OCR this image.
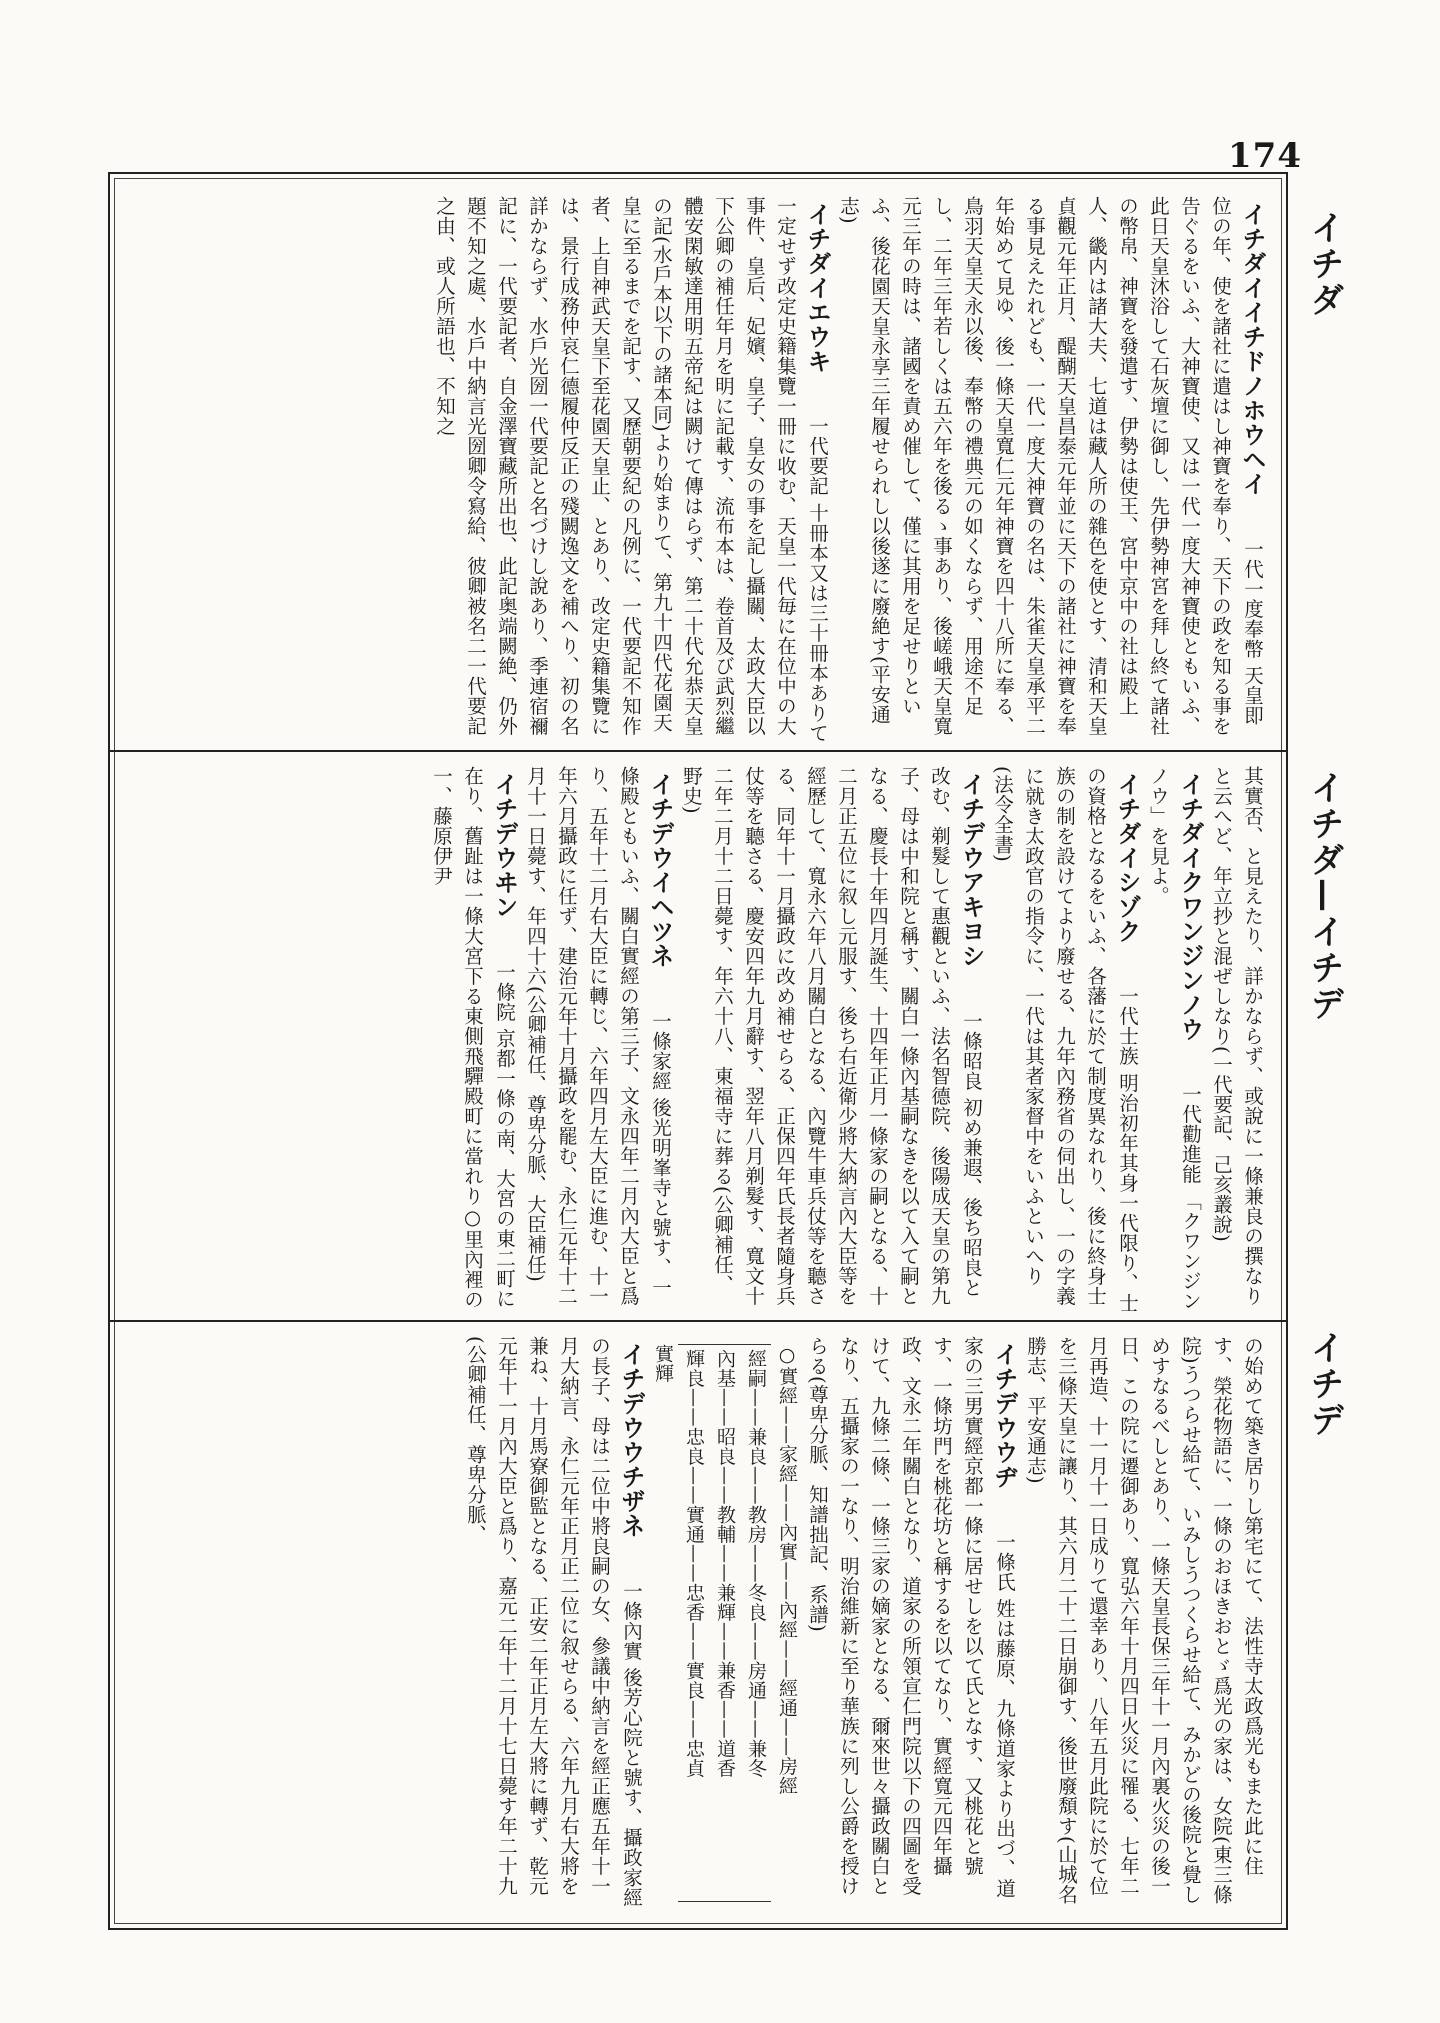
174
イチダ
イチダ—イチデ
イチデ
イチダイイチドノホウヘイ 一代一度奉幣 天皇即位の年、使を諸社に遣はし神寶を奉り、天下の政を知る事を告ぐるをいふ、大神寶使、又は一代一度大神寶使ともいふ、此日天皇沐浴して石灰壇に御し、先伊勢神宮を拜し終て諸社の幣帛、神寶を發遣す、伊勢は使王、宮中京中の社は殿上人、畿内は諸大夫、七道は藏人所の雜色を使とす、清和天皇貞觀元年正月、醍醐天皇昌泰元年並に天下の諸社に神寶を奉る事見えたれども、一代一度大神寶の名は、朱雀天皇承平二年始めて見ゆ、後一條天皇寬仁元年神寶を四十八所に奉る、鳥羽天皇天永以後、奉幣の禮典元の如くならず、用途不足し、二年三年若しくは五六年を後るゝ事あり、後嵯峨天皇寬元三年の時は、諸國を責め催して、僅に其用を足せりといふ、後花園天皇永享三年履せられし以後遂に廢絶す(平安通志)
イチダイエウキ 一代要記 十冊本又は三十冊本ありて一定せず改定史籍集覽一冊に收む、天皇一代毎に在位中の大事件、皇后、妃嬪、皇子、皇女の事を記し攝關、太政大臣以下公卿の補任年月を明に記載す、流布本は、卷首及び武烈繼體安閑敏達用明五帝紀は闕けて傳はらず、第二十代允恭天皇の記(水戶本以下の諸本同)より始まりて、第九十四代花園天皇に至るまでを記す、又歷朝要紀の凡例に、一代要記不知作者、上自神武天皇下至花園天皇止、とあり、改定史籍集覽には、景行成務仲哀仁德履仲反正の殘闕逸文を補へり、初の名詳かならず、水戶光圀一代要記と名づけし說あり、季連宿禰記に、一代要記者、自金澤寶藏所出也、此記奥端闕絶、仍外題不知之處、水戶中納言光圀卿令寫給、彼卿被名二一代要記之由、或人所語也、不知之
其實否、と見えたり、詳かならず、或說に一條兼良の撰なりと云へど、年立抄と混ぜしなり(一代要記、己亥叢說)
イチダイクワンジンノウ 一代勸進能 「クワンジンノウ」を見よ。
イチダイシゾク 一代士族 明治初年其身一代限り、士の資格となるをいふ、各藩に於て制度異なれり、後に終身士族の制を設けてより廢せる、九年內務省の伺出し、一の字義に就き太政官の指令に、一代は其者家督中をいふといへり(法令全書)
イチデウアキヨシ 一條昭良 初め兼遐、後ち昭良と改む、剃髮して惠觀といふ、法名智德院、後陽成天皇の第九子、母は中和院と稱す、關白一條內基嗣なきを以て入て嗣となる、慶長十年四月誕生、十四年正月一條家の嗣となる、十二月正五位に叙し元服す、後ち右近衛少將大納言內大臣等を經歷して、寬永六年八月關白となる、內覽牛車兵仗等を聽さる、同年十一月攝政に改め補せらる、正保四年氏長者隨身兵仗等を聽さる、慶安四年九月辭す、翌年八月剃髮す、寬文十二年二月十二日薨す、年六十八、東福寺に葬る(公卿補任、野史)
イチデウイヘツネ 一條家經 後光明峯寺と號す、一條殿ともいふ、關白實經の第三子、文永四年二月內大臣と爲り、五年十二月右大臣に轉じ、六年四月左大臣に進む、十一年六月攝政に任ず、建治元年十月攝政を罷む、永仁元年十二月十一日薨す、年四十六(公卿補任、尊卑分脈、大臣補任)
イチデウヰン 一條院 京都一條の南、大宮の東二町に在り、舊趾は一條大宮下る東側飛驒殿町に當れり○里內裡の一、藤原伊尹
の始めて築き居りし第宅にて、法性寺太政爲光もまた此に住す、榮花物語に、一條のおほきおとゞ爲光の家は、女院(東三條院)うつらせ給て、いみしうつくらせ給て、みかどの後院と覺しめすなるべしとあり、一條天皇長保三年十一月內裏火災の後一日、この院に遷御あり、寬弘六年十月四日火災に罹る、七年二月再造、十一月十一日成りて還幸あり、八年五月此院に於て位を三條天皇に讓り、其六月二十二日崩御す、後世廢頽す(山城名勝志、平安通志)
イチデウウヂ 一條氏 姓は藤原、九條道家より出づ、道家の三男實經京都一條に居せしを以て氏となす、又桃花と號す、一條坊門を桃花坊と稱するを以てなり、實經寬元四年攝政、文永二年關白となり、道家の所領宣仁門院以下の四圖を受けて、九條二條、一條三家の嫡家となる、爾來世々攝政關白となり、五攝家の一なり、明治維新に至り華族に列し公爵を授けらる(尊卑分脈、知譜拙記、系譜)
○實經——家經——內實——內經——經通——房經
經嗣——兼良——教房——冬良——房通——兼冬
內基——昭良——教輔——兼輝——兼香——道香
輝良——忠良——實通——忠香——實良——忠貞
實輝
イチデウウチザネ 一條內實 後芳心院と號す、攝政家經の長子、母は二位中將良嗣の女、參議中納言を經正應五年十一月大納言、永仁元年正月正二位に叙せらる、六年九月右大將を兼ね、十月馬寮御監となる、正安二年正月左大將に轉ず、乾元元年十一月內大臣と爲り、嘉元二年十二月十七日薨す年二十九(公卿補任、尊卑分脈、
